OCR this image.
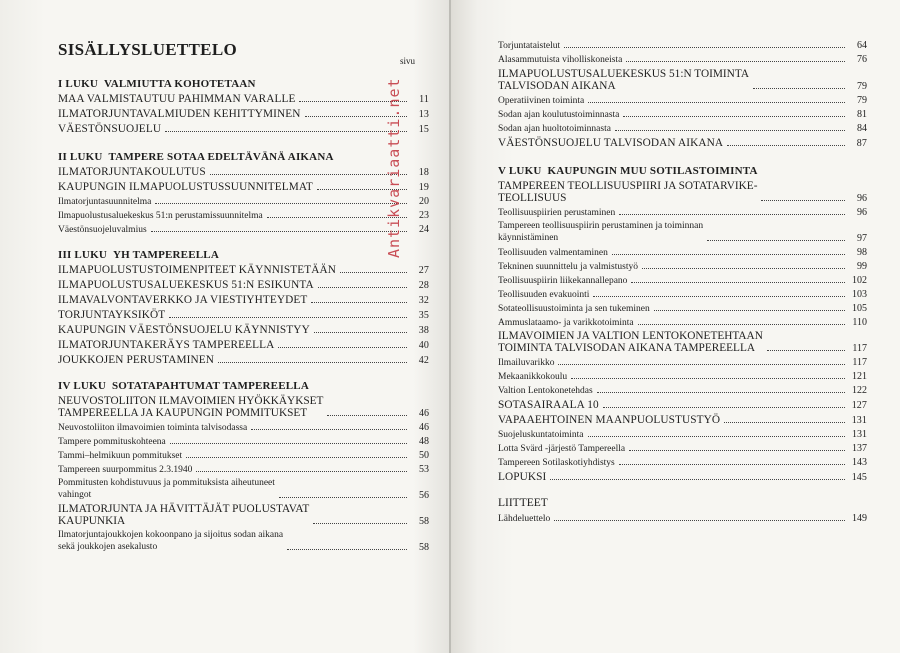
SISÄLLYSLUETTELO

I LUKU VALMIUTTA KOHOTETAAN

MAA VALMISTAUTUU PAHIMMAN VARALLE	11
ILMATORJUNTAVALMIUDEN KEHITTYMINEN	13
VÄESTÖNSUOJELU	15

II LUKU TAMPERE SOTAA EDELTÄVÄNÄ AIKANA

ILMATORJUNTAKOULUTUS	18
KAUPUNGIN ILMAPUOLUSTUSSUUNNITELMAT	19
Ilmatorjuntasuunnitelma	20
Ilmapuolustusaluekeskus 51:n perustamissuunnitelma	23
Väestönsuojeluvalmius	24

III LUKU YH TAMPEREELLA

ILMAPUOLUSTUSTOIMENPITEET KÄYNNISTETÄÄN	27
ILMAPUOLUSTUSALUEKESKUS 51:N ESIKUNTA	28
ILMAVALVONTAVERKKO JA VIESTIYHTEYDET	32
TORJUNTAYKSIKÖT	35
KAUPUNGIN VÄESTÖNSUOJELU KÄYNNISTYY	38
ILMATORJUNTAKERÄYS TAMPEREELLA	40
JOUKKOJEN PERUSTAMINEN	42

IV LUKU SOTATAPAHTUMAT TAMPEREELLA

NEUVOSTOLIITON ILMAVOIMIEN HYÖKKÄYKSET
TAMPEREELLA JA KAUPUNGIN POMMITUKSET	46
Neuvostoliiton ilmavoimien toiminta talvisodassa	46
Tampere pommituskohteena	48
Tammi–helmikuun pommitukset	50
Tampereen suurpommitus 2.3.1940	53
Pommitusten kohdistuvuus ja pommituksista aiheutuneet
vahingot	56
ILMATORJUNTA JA HÄVITTÄJÄT PUOLUSTAVAT
KAUPUNKIA	58
Ilmatorjuntajoukkojen kokoonpano ja sijoitus sodan aikana
sekä joukkojen asekalusto	58
sivu
Torjuntataistelut	64
Alasammutuista viholliskoneista	76
ILMAPUOLUSTUSALUEKESKUS 51:N TOIMINTA
TALVISODAN AIKANA	79
Operatiivinen toiminta	79
Sodan ajan koulutustoiminnasta	81
Sodan ajan huoltotoiminnasta	84
VÄESTÖNSUOJELU TALVISODAN AIKANA	87

V LUKU KAUPUNGIN MUU SOTILASTOIMINTA

TAMPEREEN TEOLLISUUSPIIRI JA SOTATARVIKE-
TEOLLISUUS	96
Teollisuuspiirien perustaminen	96
Tampereen teollisuuspiirin perustaminen ja toiminnan
käynnistäminen	97
Teollisuuden valmentaminen	98
Tekninen suunnittelu ja valmistustyö	99
Teollisuuspiirin liikekannallepano	102
Teollisuuden evakuointi	103
Sotateollisuustoiminta ja sen tukeminen	105
Ammuslataamo- ja varikkotoiminta	110
ILMAVOIMIEN JA VALTION LENTOKONETEHTAAN
TOIMINTA TALVISODAN AIKANA TAMPEREELLA	117
Ilmailuvarikko	117
Mekaanikkokoulu	121
Valtion Lentokonetehdas	122
SOTASAIRAALA 10	127
VAPAAEHTOINEN MAANPUOLUSTUSTYÖ	131
Suojeluskuntatoiminta	131
Lotta Svärd -järjestö Tampereella	137
Tampereen Sotilaskotiyhdistys	143
LOPUKSI	145

LIITTEET

Lähdeluettelo	149
Antikvariaatti.net
